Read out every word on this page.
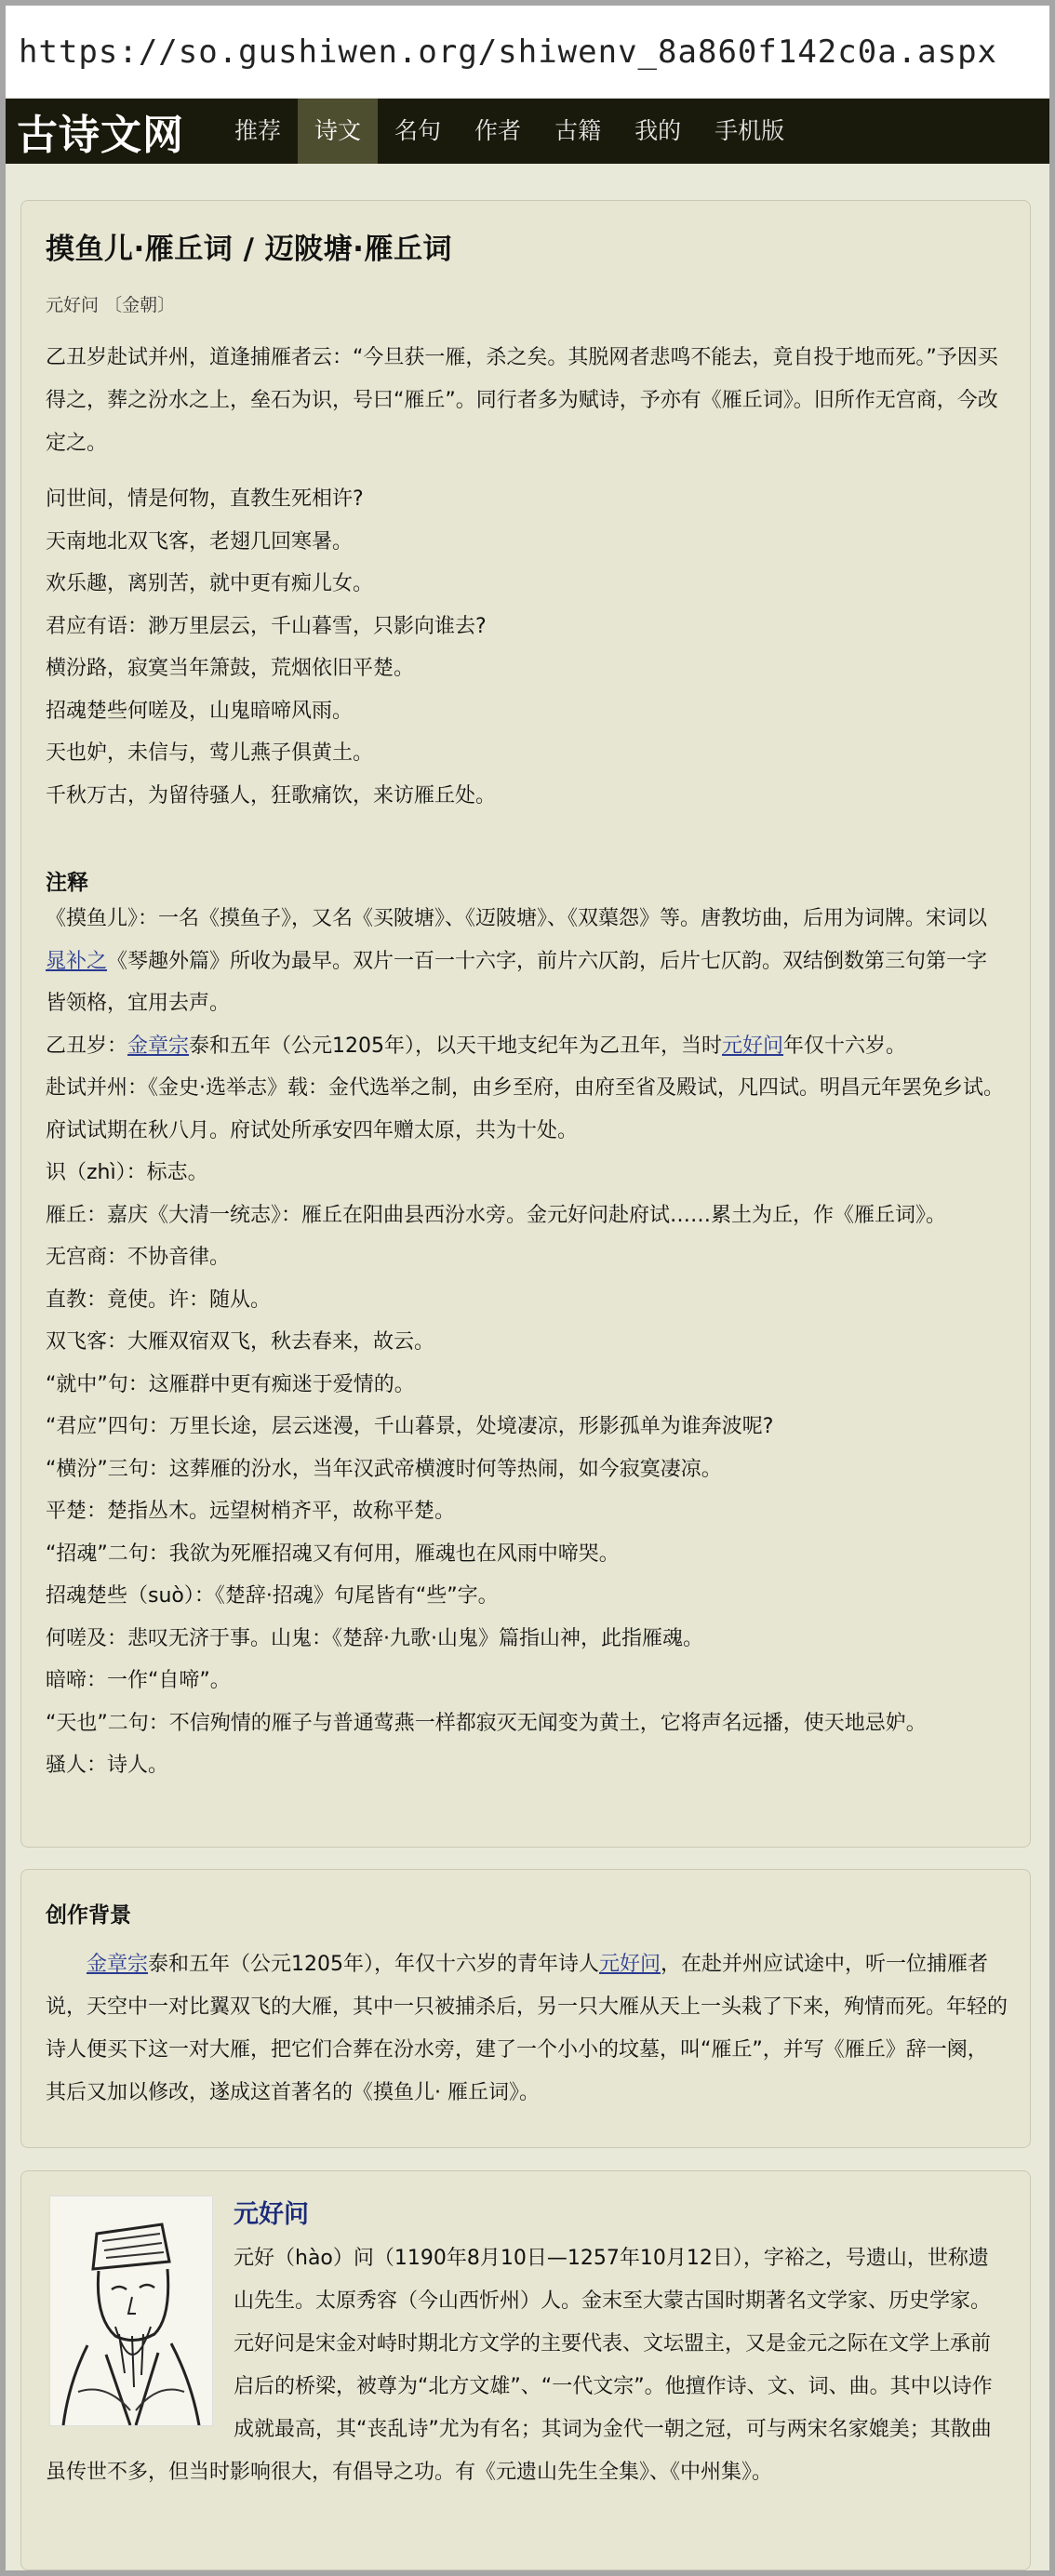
https://so.gushiwen.org/shiwenv_8a860f142c0a.aspx
古诗文网	推荐	诗文	名句	作者	古籍	我的	手机版
摸鱼儿·雁丘词 / 迈陂塘·雁丘词
元好问 〔金朝〕

乙丑岁赴试并州，道逢捕雁者云：“今旦获一雁，杀之矣。其脱网者悲鸣不能去，竟自投于地而死。”予因买得之，葬之汾水之上，垒石为识，号曰“雁丘”。同行者多为赋诗，予亦有《雁丘词》。旧所作无宫商，今改定之。

问世间，情是何物，直教生死相许?
天南地北双飞客，老翅几回寒暑。
欢乐趣，离别苦，就中更有痴儿女。
君应有语：渺万里层云，千山暮雪，只影向谁去?
横汾路，寂寞当年箫鼓，荒烟依旧平楚。
招魂楚些何嗟及，山鬼暗啼风雨。
天也妒，未信与，莺儿燕子俱黄土。
千秋万古，为留待骚人，狂歌痛饮，来访雁丘处。
注释
《摸鱼儿》：一名《摸鱼子》，又名《买陂塘》、《迈陂塘》、《双蕖怨》等。唐教坊曲，后用为词牌。宋词以晁补之《琴趣外篇》所收为最早。双片一百一十六字，前片六仄韵，后片七仄韵。双结倒数第三句第一字皆领格，宜用去声。
乙丑岁：金章宗泰和五年（公元1205年），以天干地支纪年为乙丑年，当时元好问年仅十六岁。
赴试并州：《金史·选举志》载：金代选举之制，由乡至府，由府至省及殿试，凡四试。明昌元年罢免乡试。府试试期在秋八月。府试处所承安四年赠太原，共为十处。
识（zhì）：标志。
雁丘：嘉庆《大清一统志》：雁丘在阳曲县西汾水旁。金元好问赴府试……累土为丘，作《雁丘词》。
无宫商：不协音律。
直教：竟使。许：随从。
双飞客：大雁双宿双飞，秋去春来，故云。
“就中”句：这雁群中更有痴迷于爱情的。
“君应”四句：万里长途，层云迷漫，千山暮景，处境凄凉，形影孤单为谁奔波呢?
“横汾”三句：这葬雁的汾水，当年汉武帝横渡时何等热闹，如今寂寞凄凉。
平楚：楚指丛木。远望树梢齐平，故称平楚。
“招魂”二句：我欲为死雁招魂又有何用，雁魂也在风雨中啼哭。
招魂楚些（suò）：《楚辞·招魂》句尾皆有“些”字。
何嗟及：悲叹无济于事。山鬼：《楚辞·九歌·山鬼》篇指山神，此指雁魂。
暗啼：一作“自啼”。
“天也”二句：不信殉情的雁子与普通莺燕一样都寂灭无闻变为黄土，它将声名远播，使天地忌妒。
骚人：诗人。
创作背景
金章宗泰和五年（公元1205年），年仅十六岁的青年诗人元好问，在赴并州应试途中，听一位捕雁者说，天空中一对比翼双飞的大雁，其中一只被捕杀后，另一只大雁从天上一头栽了下来，殉情而死。年轻的诗人便买下这一对大雁，把它们合葬在汾水旁，建了一个小小的坟墓，叫“雁丘”，并写《雁丘》辞一阕，其后又加以修改，遂成这首著名的《摸鱼儿· 雁丘词》。
元好问
元好（hào）问（1190年8月10日—1257年10月12日），字裕之，号遗山，世称遗山先生。太原秀容（今山西忻州）人。金末至大蒙古国时期著名文学家、历史学家。元好问是宋金对峙时期北方文学的主要代表、文坛盟主，又是金元之际在文学上承前启后的桥梁，被尊为“北方文雄”、“一代文宗”。他擅作诗、文、词、曲。其中以诗作成就最高，其“丧乱诗”尤为有名；其词为金代一朝之冠，可与两宋名家媲美；其散曲虽传世不多，但当时影响很大，有倡导之功。有《元遗山先生全集》、《中州集》。
